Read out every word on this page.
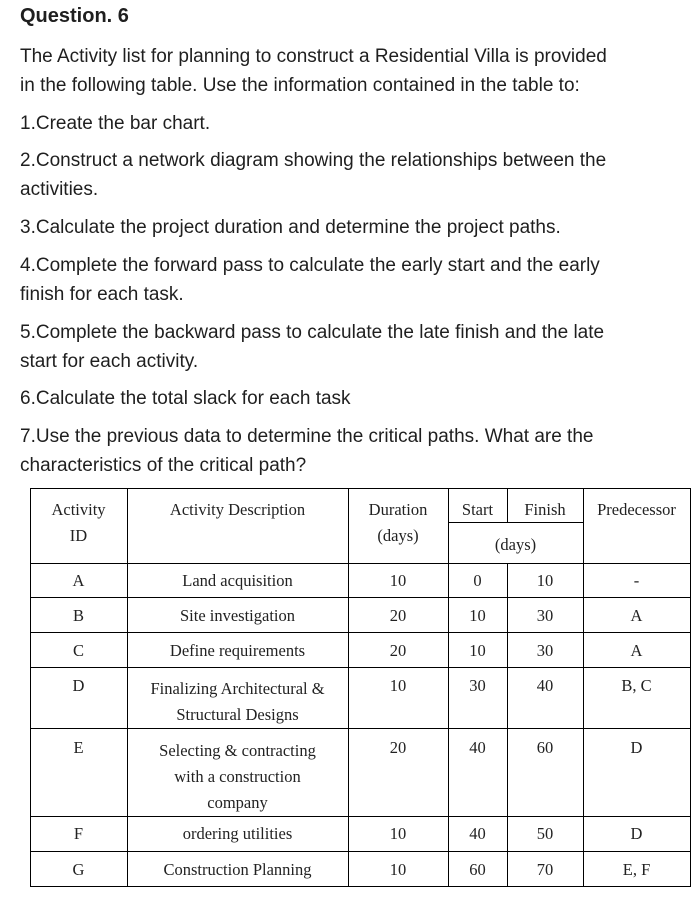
Question. 6

The Activity list for planning to construct a Residential Villa is provided

in the following table. Use the information contained in the table to:

1.Create the bar chart.

2.Construct a network diagram showing the relationships between the

activities.

3.Calculate the project duration and determine the project paths.

4.Complete the forward pass to calculate the early start and the early

finish for each task.

5.Complete the backward pass to calculate the late finish and the late

start for each activity.

6.Calculate the total slack for each task

7.Use the previous data to determine the critical paths. What are the

characteristics of the critical path?

Activity
ID
Activity Description	Duration
(days)
Start	Finish
(days)
Predecessor
A	Land acquisition	10	0	10	-
B	Site investigation	20	10	30	A
C	Define requirements	20	10	30	A
D	Finalizing Architectural &
Structural Designs
10	30	40	B, C
E	Selecting & contracting
with a construction
company
20	40	60	D
F	ordering utilities	10	40	50	D
G	Construction Planning	10	60	70	E, F
